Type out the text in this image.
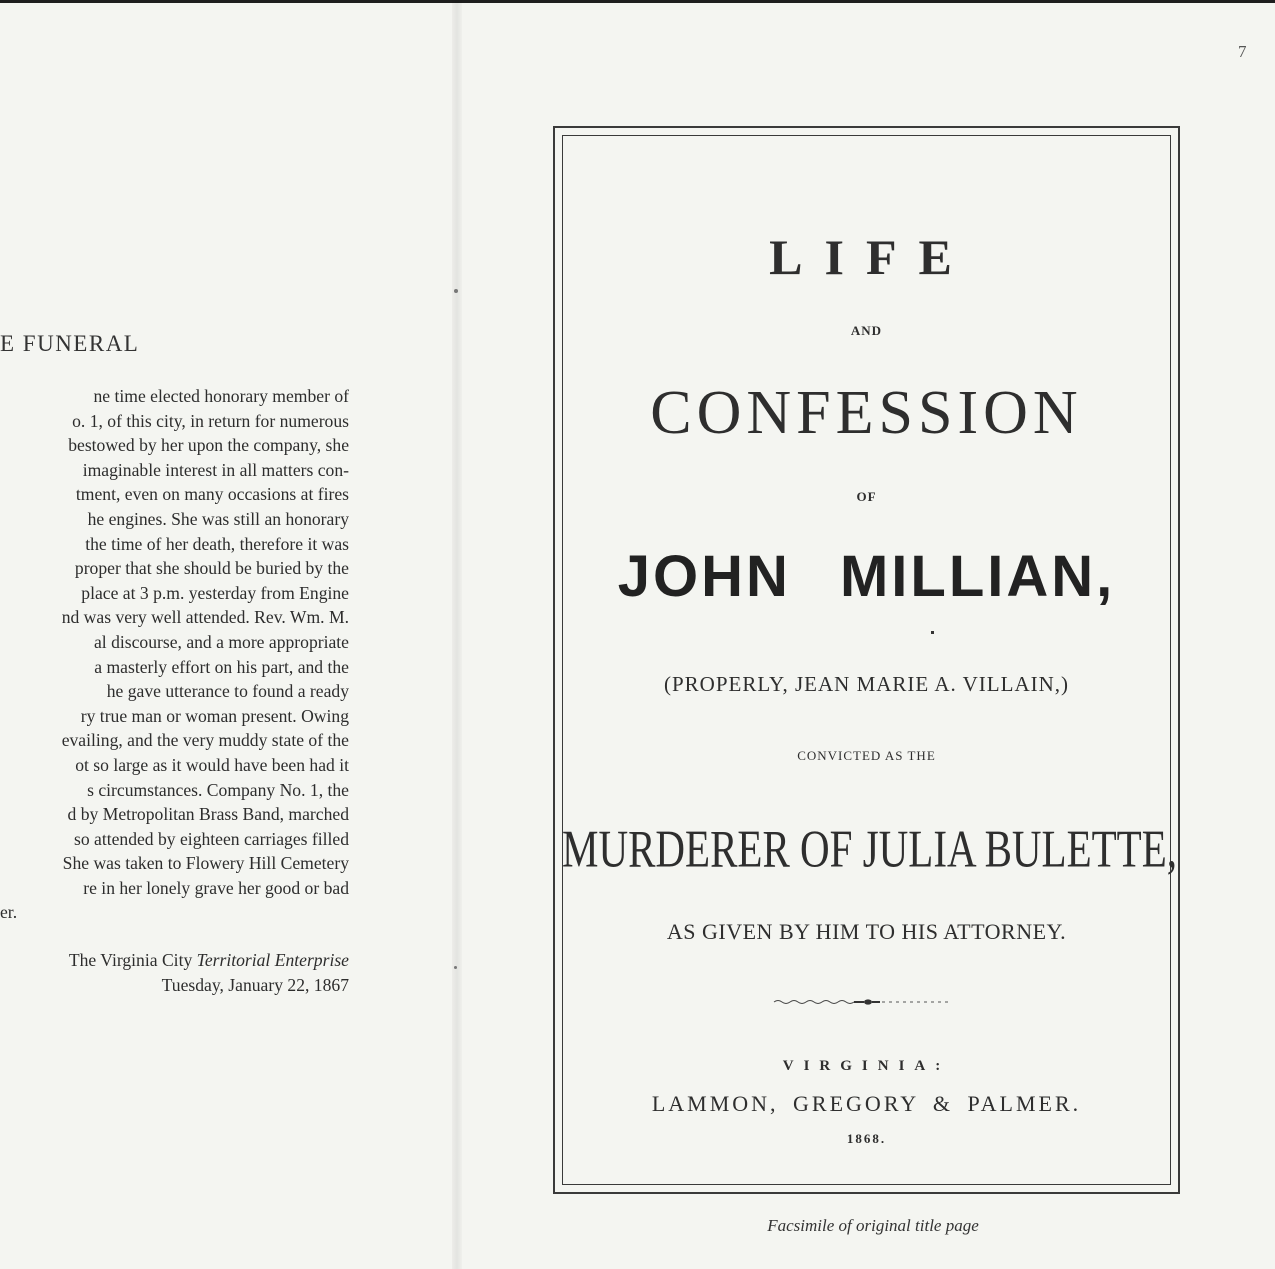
E FUNERAL
ne time elected honorary member of
o. 1, of this city, in return for numerous
bestowed by her upon the company, she
imaginable interest in all matters con-
tment, even on many occasions at fires
he engines. She was still an honorary
the time of her death, therefore it was
proper that she should be buried by the
place at 3 p.m. yesterday from Engine
nd was very well attended. Rev. Wm. M.
al discourse, and a more appropriate
a masterly effort on his part, and the
he gave utterance to found a ready
ry true man or woman present. Owing
evailing, and the very muddy state of the
ot so large as it would have been had it
s circumstances. Company No. 1, the
d by Metropolitan Brass Band, marched
so attended by eighteen carriages filled
She was taken to Flowery Hill Cemetery
re in her lonely grave her good or bad
er.
The Virginia City Territorial Enterprise
Tuesday, January 22, 1867
7
LIFE
AND
CONFESSION
OF
JOHN MILLIAN,
(PROPERLY, JEAN MARIE A. VILLAIN,)
CONVICTED AS THE
MURDERER OF JULIA BULETTE,
AS GIVEN BY HIM TO HIS ATTORNEY.
VIRGINIA:
LAMMON, GREGORY & PALMER.
1868.
Facsimile of original title page
